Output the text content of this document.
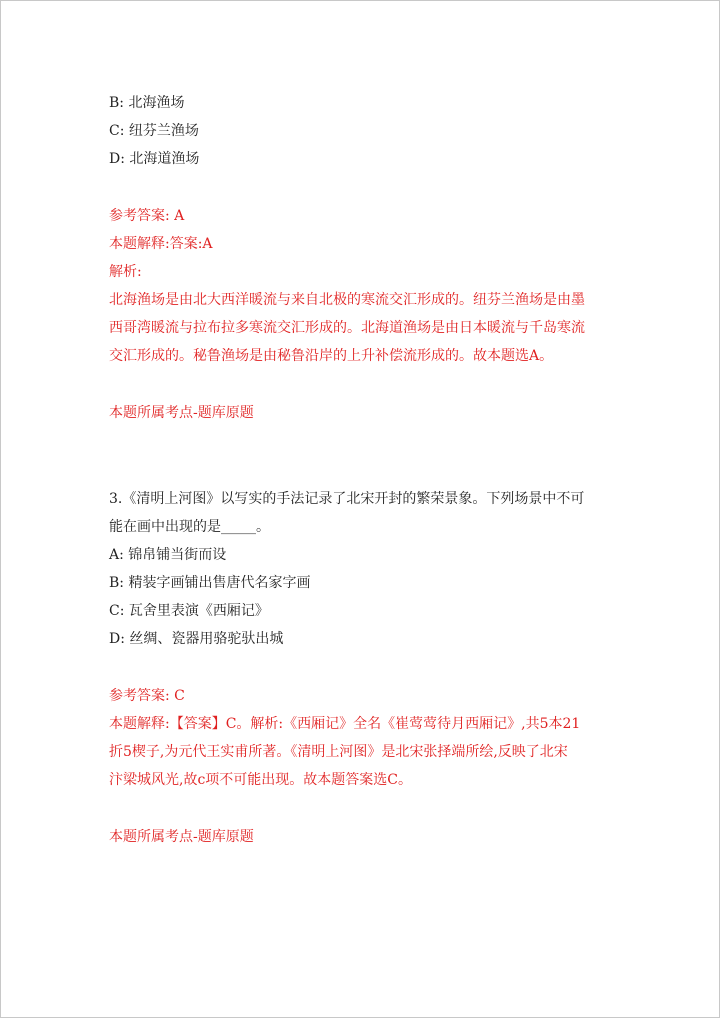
B: 北海渔场
C: 纽芬兰渔场
D: 北海道渔场
参考答案: A
本题解释:答案:A
解析:
北海渔场是由北大西洋暖流与来自北极的寒流交汇形成的。纽芬兰渔场是由墨
西哥湾暖流与拉布拉多寒流交汇形成的。北海道渔场是由日本暖流与千岛寒流
交汇形成的。秘鲁渔场是由秘鲁沿岸的上升补偿流形成的。故本题选A。
本题所属考点-题库原题
3.《清明上河图》以写实的手法记录了北宋开封的繁荣景象。下列场景中不可
能在画中出现的是_____。
A: 锦帛铺当街而设
B: 精装字画铺出售唐代名家字画
C: 瓦舍里表演《西厢记》
D: 丝绸、瓷器用骆驼驮出城
参考答案: C
本题解释:【答案】C。解析:《西厢记》全名《崔莺莺待月西厢记》,共5本21
折5楔子,为元代王实甫所著。《清明上河图》是北宋张择端所绘,反映了北宋
汴梁城风光,故c项不可能出现。故本题答案选C。
本题所属考点-题库原题
